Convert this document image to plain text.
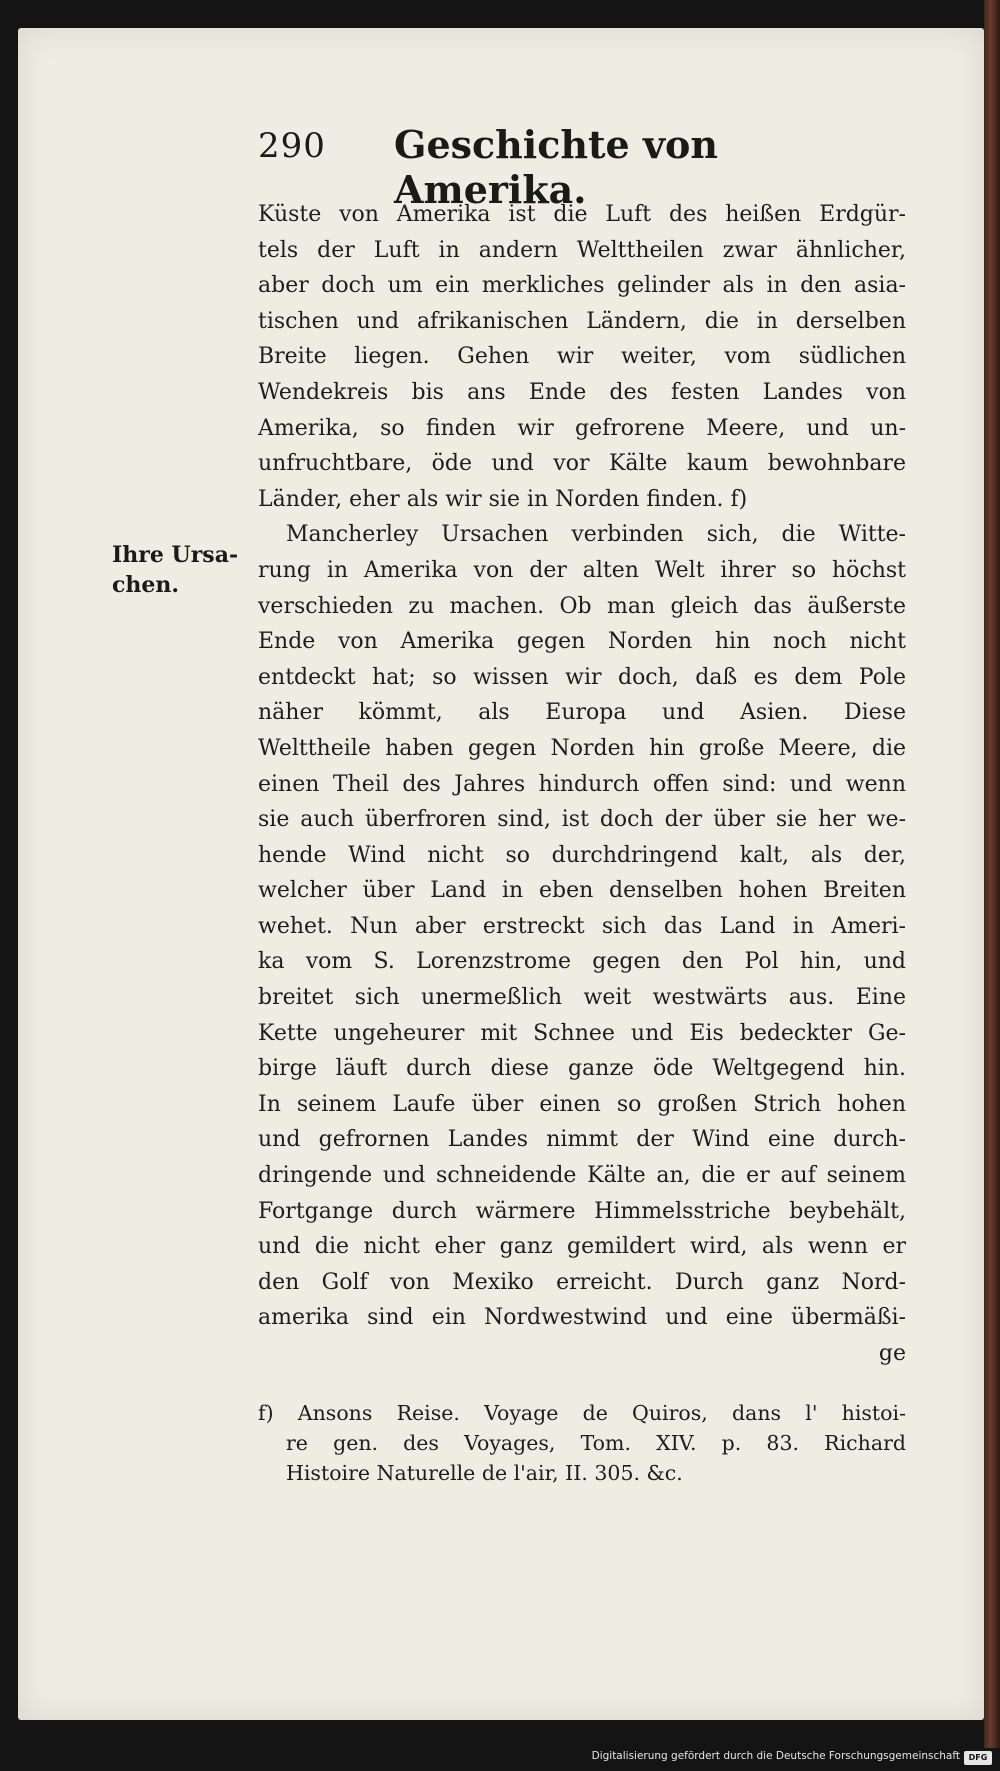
290 Geschichte von Amerika.
Ihre Ursa- chen.
Küste von Amerika ist die Luft des heißen Erdgür-
tels der Luft in andern Welttheilen zwar ähnlicher,
aber doch um ein merkliches gelinder als in den asia-
tischen und afrikanischen Ländern, die in derselben
Breite liegen. Gehen wir weiter, vom südlichen
Wendekreis bis ans Ende des festen Landes von
Amerika, so finden wir gefrorene Meere, und un-
unfruchtbare, öde und vor Kälte kaum bewohnbare
Länder, eher als wir sie in Norden finden. f)
Mancherley Ursachen verbinden sich, die Witte-
rung in Amerika von der alten Welt ihrer so höchst
verschieden zu machen. Ob man gleich das äußerste
Ende von Amerika gegen Norden hin noch nicht
entdeckt hat; so wissen wir doch, daß es dem Pole
näher kömmt, als Europa und Asien. Diese
Welttheile haben gegen Norden hin große Meere, die
einen Theil des Jahres hindurch offen sind: und wenn
sie auch überfroren sind, ist doch der über sie her we-
hende Wind nicht so durchdringend kalt, als der,
welcher über Land in eben denselben hohen Breiten
wehet. Nun aber erstreckt sich das Land in Ameri-
ka vom S. Lorenzstrome gegen den Pol hin, und
breitet sich unermeßlich weit westwärts aus. Eine
Kette ungeheurer mit Schnee und Eis bedeckter Ge-
birge läuft durch diese ganze öde Weltgegend hin.
In seinem Laufe über einen so großen Strich hohen
und gefrornen Landes nimmt der Wind eine durch-
dringende und schneidende Kälte an, die er auf seinem
Fortgange durch wärmere Himmelsstriche beybehält,
und die nicht eher ganz gemildert wird, als wenn er
den Golf von Mexiko erreicht. Durch ganz Nord-
amerika sind ein Nordwestwind und eine übermäßi-
ge
f) Ansons Reise. Voyage de Quiros, dans l' histoi-
re gen. des Voyages, Tom. XIV. p. 83. Richard
Histoire Naturelle de l'air, II. 305. &c.
Digitalisierung gefördert durch die Deutsche Forschungsgemeinschaft	DFG
